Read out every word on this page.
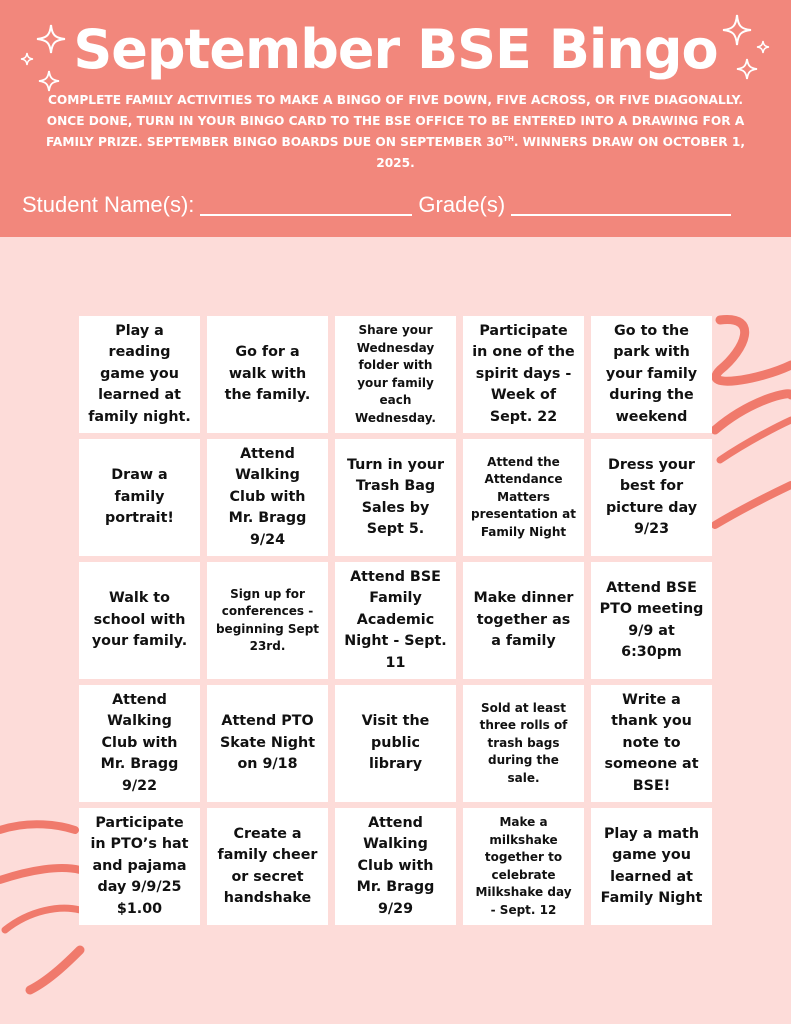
September BSE Bingo
COMPLETE FAMILY ACTIVITIES TO MAKE A BINGO OF FIVE DOWN, FIVE ACROSS, OR FIVE DIAGONALLY. ONCE DONE, TURN IN YOUR BINGO CARD TO THE BSE OFFICE TO BE ENTERED INTO A DRAWING FOR A FAMILY PRIZE. SEPTEMBER BINGO BOARDS DUE ON SEPTEMBER 30TH. WINNERS DRAW ON OCTOBER 1, 2025.
Student Name(s):	Grade(s)
Play a reading game you learned at family night.
Go for a walk with the family.
Share your Wednesday folder with your family each Wednesday.
Participate in one of the spirit days - Week of Sept. 22
Go to the park with your family during the weekend
Draw a family portrait!
Attend Walking Club with Mr. Bragg 9/24
Turn in your Trash Bag Sales by Sept 5.
Attend the Attendance Matters presentation at Family Night
Dress your best for picture day 9/23
Walk to school with your family.
Sign up for conferences - beginning Sept 23rd.
Attend BSE Family Academic Night - Sept. 11
Make dinner together as a family
Attend BSE PTO meeting 9/9 at 6:30pm
Attend Walking Club with Mr. Bragg 9/22
Attend PTO Skate Night on 9/18
Visit the public library
Sold at least three rolls of trash bags during the sale.
Write a thank you note to someone at BSE!
Participate in PTO’s hat and pajama day 9/9/25 $1.00
Create a family cheer or secret handshake
Attend Walking Club with Mr. Bragg 9/29
Make a milkshake together to celebrate Milkshake day - Sept. 12
Play a math game you learned at Family Night
